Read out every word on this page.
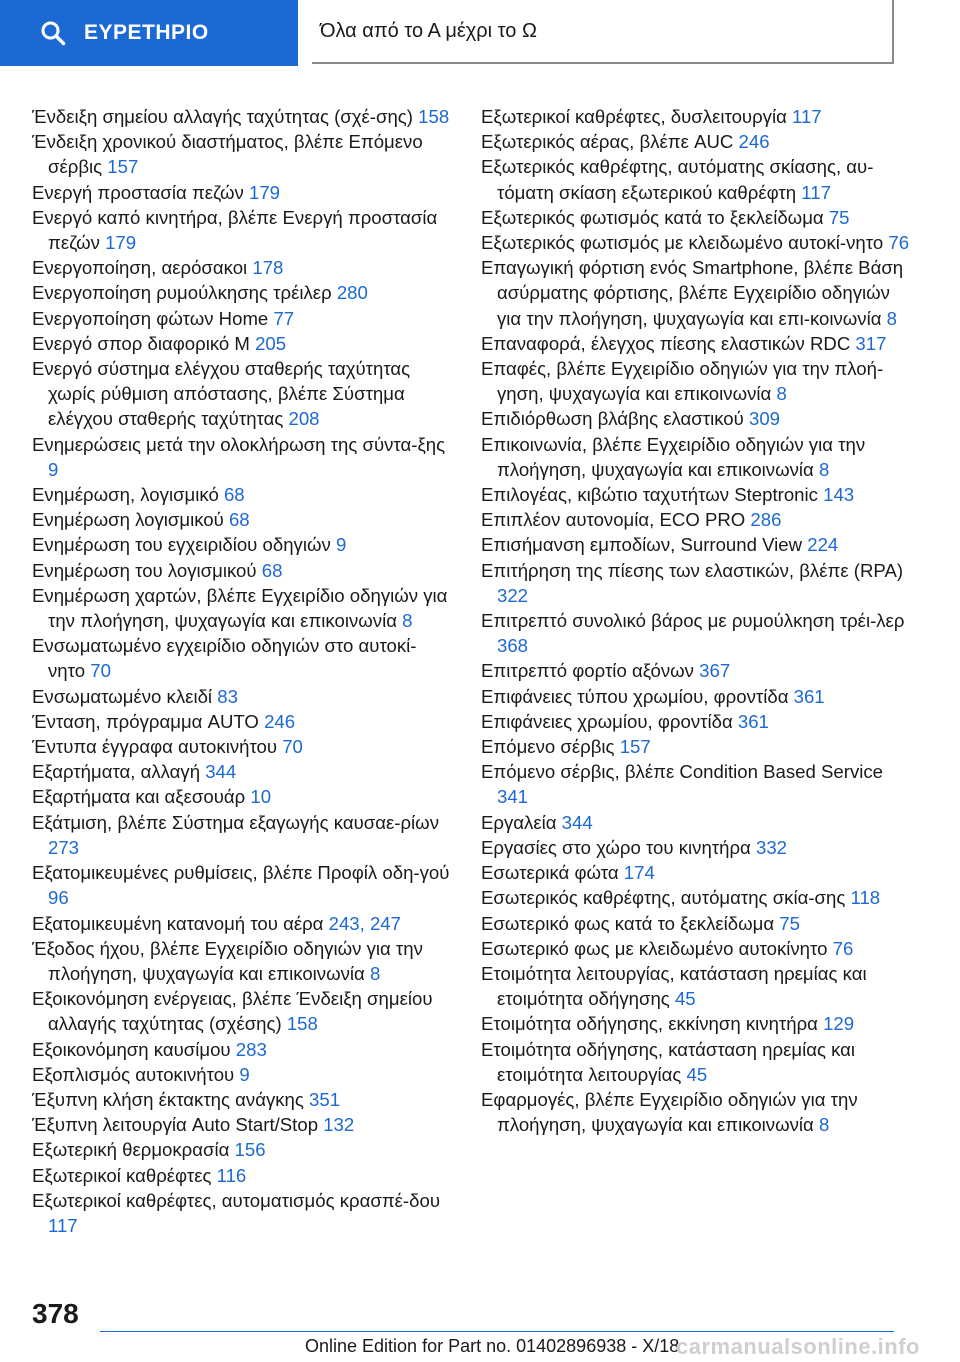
ΕΥΡΕΤΗΡΙΟ	Όλα από το Α μέχρι το Ω

Ένδειξη σημείου αλλαγής ταχύτητας (σχέ-σης) 158

Ένδειξη χρονικού διαστήματος, βλέπε Επόμενο σέρβις 157

Ενεργή προστασία πεζών 179

Ενεργό καπό κινητήρα, βλέπε Ενεργή προστασία πεζών 179

Ενεργοποίηση, αερόσακοι 178

Ενεργοποίηση ρυμούλκησης τρέιλερ 280

Ενεργοποίηση φώτων Home 77

Ενεργό σπορ διαφορικό M 205

Ενεργό σύστημα ελέγχου σταθερής ταχύτητας χωρίς ρύθμιση απόστασης, βλέπε Σύστημα ελέγχου σταθερής ταχύτητας 208

Ενημερώσεις μετά την ολοκλήρωση της σύντα-ξης 9

Ενημέρωση, λογισμικό 68

Ενημέρωση λογισμικού 68

Ενημέρωση του εγχειριδίου οδηγιών 9

Ενημέρωση του λογισμικού 68

Ενημέρωση χαρτών, βλέπε Εγχειρίδιο οδηγιών για την πλοήγηση, ψυχαγωγία και επικοινωνία 8

Ενσωματωμένο εγχειρίδιο οδηγιών στο αυτοκί-νητο 70

Ενσωματωμένο κλειδί 83

Ένταση, πρόγραμμα AUTO 246

Έντυπα έγγραφα αυτοκινήτου 70

Εξαρτήματα, αλλαγή 344

Εξαρτήματα και αξεσουάρ 10

Εξάτμιση, βλέπε Σύστημα εξαγωγής καυσαε-ρίων 273

Εξατομικευμένες ρυθμίσεις, βλέπε Προφίλ οδη-γού 96

Εξατομικευμένη κατανομή του αέρα 243, 247

Έξοδος ήχου, βλέπε Εγχειρίδιο οδηγιών για την πλοήγηση, ψυχαγωγία και επικοινωνία 8

Εξοικονόμηση ενέργειας, βλέπε Ένδειξη σημείου αλλαγής ταχύτητας (σχέσης) 158

Εξοικονόμηση καυσίμου 283

Εξοπλισμός αυτοκινήτου 9

Έξυπνη κλήση έκτακτης ανάγκης 351

Έξυπνη λειτουργία Auto Start/Stop 132

Εξωτερική θερμοκρασία 156

Εξωτερικοί καθρέφτες 116

Εξωτερικοί καθρέφτες, αυτοματισμός κρασπέ-δου 117

Εξωτερικοί καθρέφτες, δυσλειτουργία 117

Εξωτερικός αέρας, βλέπε AUC 246

Εξωτερικός καθρέφτης, αυτόματης σκίασης, αυ-τόματη σκίαση εξωτερικού καθρέφτη 117

Εξωτερικός φωτισμός κατά το ξεκλείδωμα 75

Εξωτερικός φωτισμός με κλειδωμένο αυτοκί-νητο 76

Επαγωγική φόρτιση ενός Smartphone, βλέπε Βάση ασύρματης φόρτισης, βλέπε Εγχειρίδιο οδηγιών για την πλοήγηση, ψυχαγωγία και επι-κοινωνία 8

Επαναφορά, έλεγχος πίεσης ελαστικών RDC 317

Επαφές, βλέπε Εγχειρίδιο οδηγιών για την πλοή-γηση, ψυχαγωγία και επικοινωνία 8

Επιδιόρθωση βλάβης ελαστικού 309

Επικοινωνία, βλέπε Εγχειρίδιο οδηγιών για την πλοήγηση, ψυχαγωγία και επικοινωνία 8

Επιλογέας, κιβώτιο ταχυτήτων Steptronic 143

Επιπλέον αυτονομία, ECO PRO 286

Επισήμανση εμποδίων, Surround View 224

Επιτήρηση της πίεσης των ελαστικών, βλέπε (RPA) 322

Επιτρεπτό συνολικό βάρος με ρυμούλκηση τρέι-λερ 368

Επιτρεπτό φορτίο αξόνων 367

Επιφάνειες τύπου χρωμίου, φροντίδα 361

Επιφάνειες χρωμίου, φροντίδα 361

Επόμενο σέρβις 157

Επόμενο σέρβις, βλέπε Condition Based Service 341

Εργαλεία 344

Εργασίες στο χώρο του κινητήρα 332

Εσωτερικά φώτα 174

Εσωτερικός καθρέφτης, αυτόματης σκία-σης 118

Εσωτερικό φως κατά το ξεκλείδωμα 75

Εσωτερικό φως με κλειδωμένο αυτοκίνητο 76

Ετοιμότητα λειτουργίας, κατάσταση ηρεμίας και ετοιμότητα οδήγησης 45

Ετοιμότητα οδήγησης, εκκίνηση κινητήρα 129

Ετοιμότητα οδήγησης, κατάσταση ηρεμίας και ετοιμότητα λειτουργίας 45

Εφαρμογές, βλέπε Εγχειρίδιο οδηγιών για την πλοήγηση, ψυχαγωγία και επικοινωνία 8

378
Online Edition for Part no. 01402896938 - X/18
carmanualsonline.info
